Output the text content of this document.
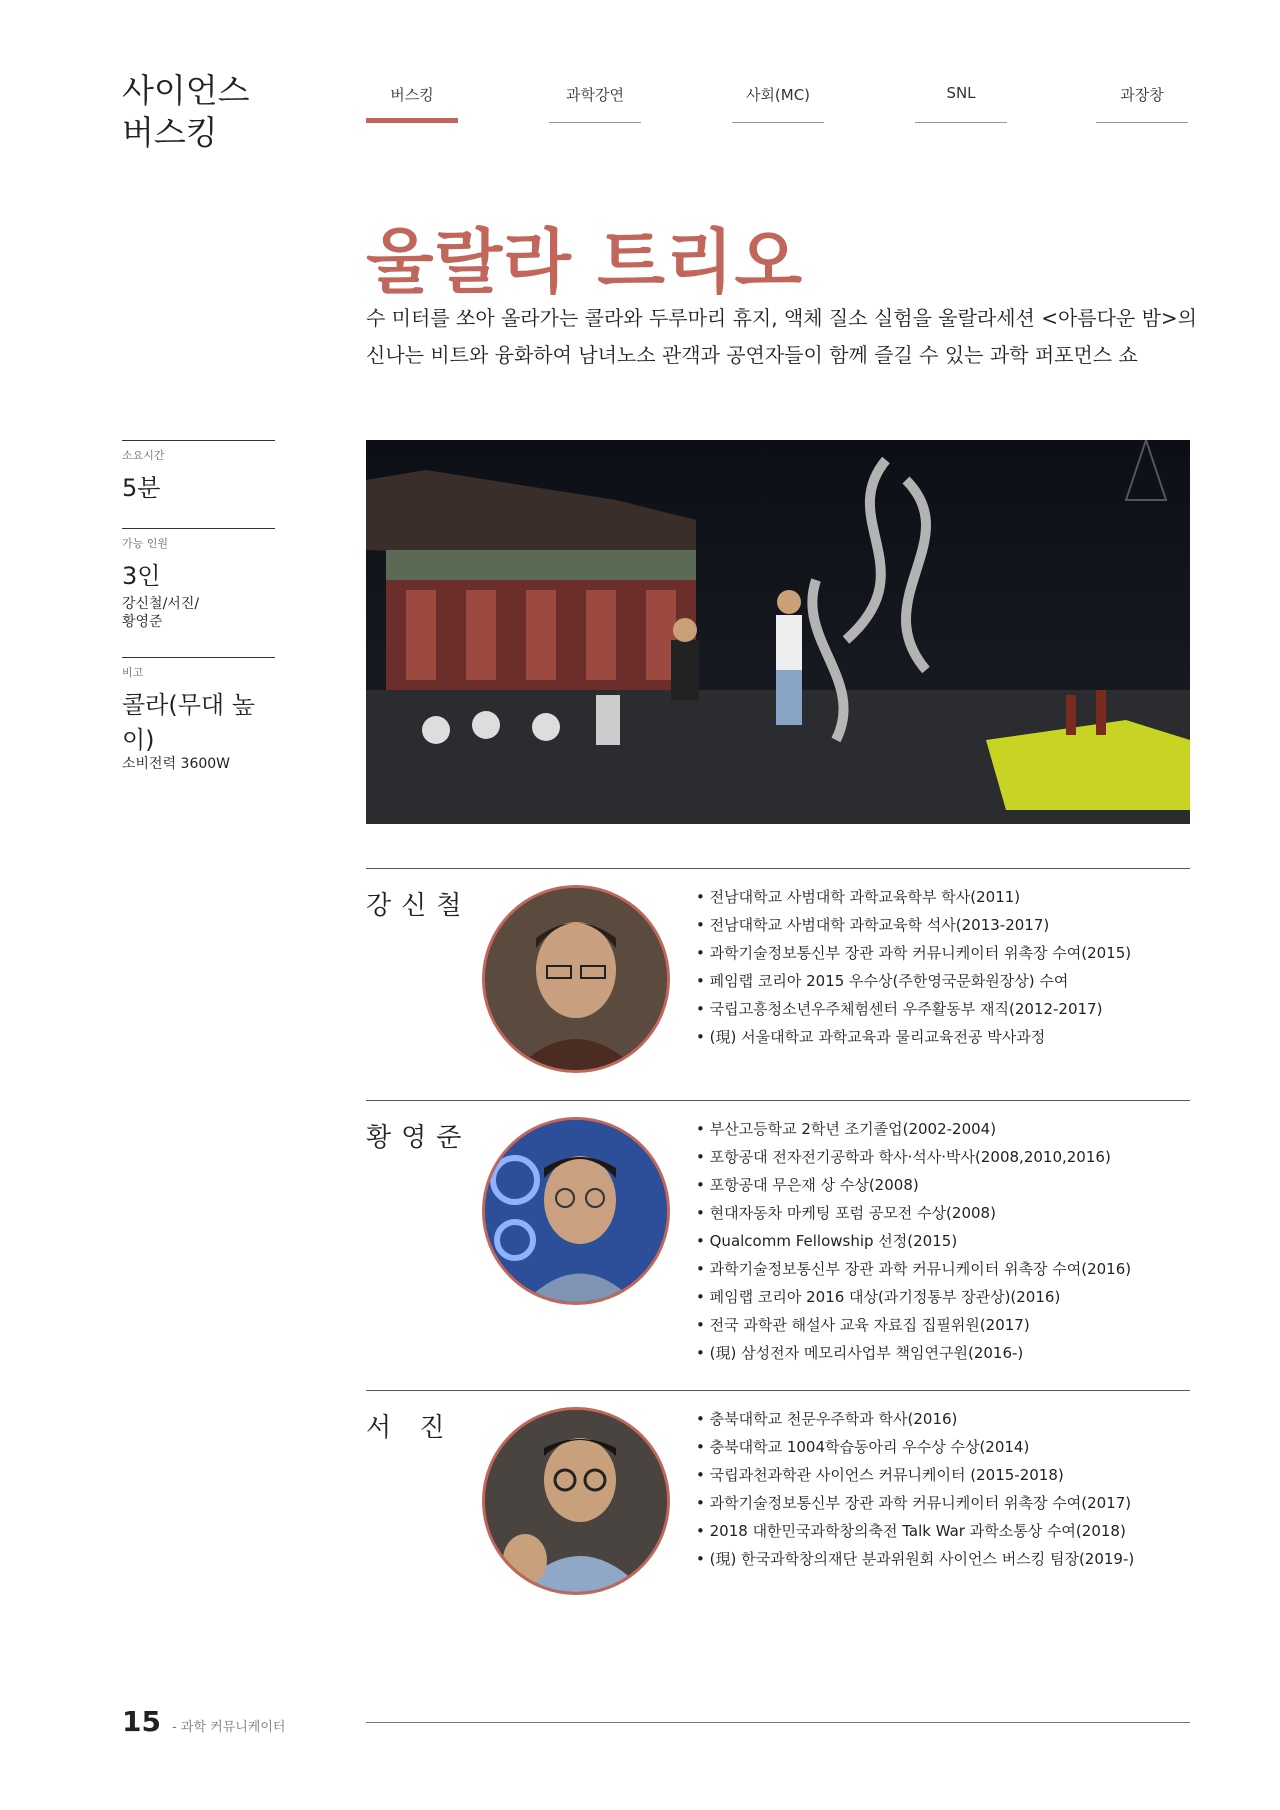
사이언스
버스킹
버스킹	과학강연	사회(MC)	SNL	과장창
울랄라 트리오
수 미터를 쏘아 올라가는 콜라와 두루마리 휴지, 액체 질소 실험을 울랄라세션 <아름다운 밤>의
신나는 비트와 융화하여 남녀노소 관객과 공연자들이 함께 즐길 수 있는 과학 퍼포먼스 쇼
소요시간
5분
가능 인원
3인
강신철/서진/
황영준
비고
콜라(무대 높이)
소비전력 3600W
강신철	• 전남대학교 사범대학 과학교육학부 학사(2011)
• 전남대학교 사범대학 과학교육학 석사(2013-2017)
• 과학기술정보통신부 장관 과학 커뮤니케이터 위촉장 수여(2015)
• 페임랩 코리아 2015 우수상(주한영국문화원장상) 수여
• 국립고흥청소년우주체험센터 우주활동부 재직(2012-2017)
• (現) 서울대학교 과학교육과 물리교육전공 박사과정
황영준	• 부산고등학교 2학년 조기졸업(2002-2004)
• 포항공대 전자전기공학과 학사·석사·박사(2008,2010,2016)
• 포항공대 무은재 상 수상(2008)
• 현대자동차 마케팅 포럼 공모전 수상(2008)
• Qualcomm Fellowship 선정(2015)
• 과학기술정보통신부 장관 과학 커뮤니케이터 위촉장 수여(2016)
• 페임랩 코리아 2016 대상(과기정통부 장관상)(2016)
• 전국 과학관 해설사 교육 자료집 집필위원(2017)
• (現) 삼성전자 메모리사업부 책임연구원(2016-)
서 진	• 충북대학교 천문우주학과 학사(2016)
• 충북대학교 1004학습동아리 우수상 수상(2014)
• 국립과천과학관 사이언스 커뮤니케이터 (2015-2018)
• 과학기술정보통신부 장관 과학 커뮤니케이터 위촉장 수여(2017)
• 2018 대한민국과학창의축전 Talk War 과학소통상 수여(2018)
• (現) 한국과학창의재단 분과위원회 사이언스 버스킹 팀장(2019-)
15 - 과학 커뮤니케이터
